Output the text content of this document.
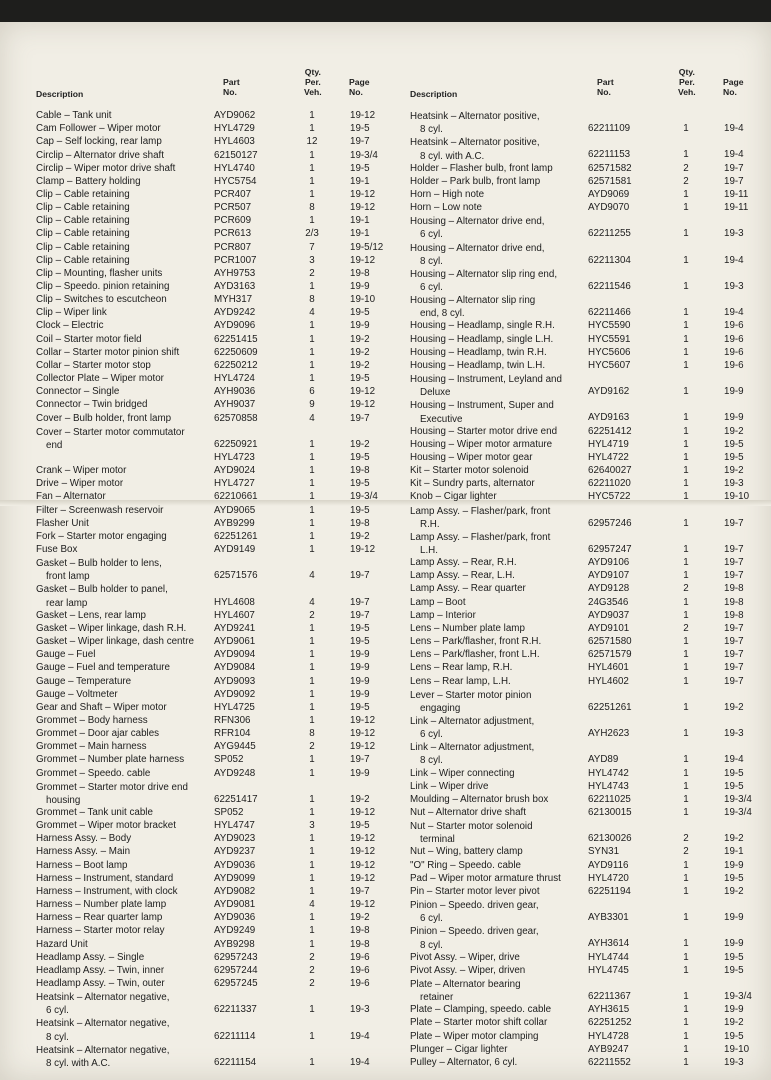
Description
Part
No.
Qty.
Per.
Veh.
Page
No.
Cable – Tank unit	AYD9062	1	19-12
Cam Follower – Wiper motor	HYL4729	1	19-5
Cap – Self locking, rear lamp	HYL4603	12	19-7
Circlip – Alternator drive shaft	62150127	1	19-3/4
Circlip – Wiper motor drive shaft	HYL4740	1	19-5
Clamp – Battery holding	HYC5754	1	19-1
Clip – Cable retaining	PCR407	1	19-12
Clip – Cable retaining	PCR507	8	19-12
Clip – Cable retaining	PCR609	1	19-1
Clip – Cable retaining	PCR613	2/3	19-1
Clip – Cable retaining	PCR807	7	19-5/12
Clip – Cable retaining	PCR1007	3	19-12
Clip – Mounting, flasher units	AYH9753	2	19-8
Clip – Speedo. pinion retaining	AYD3163	1	19-9
Clip – Switches to escutcheon	MYH317	8	19-10
Clip – Wiper link	AYD9242	4	19-5
Clock – Electric	AYD9096	1	19-9
Coil – Starter motor field	62251415	1	19-2
Collar – Starter motor pinion shift	62250609	1	19-2
Collar – Starter motor stop	62250212	1	19-2
Collector Plate – Wiper motor	HYL4724	1	19-5
Connector – Single	AYH9036	6	19-12
Connector – Twin bridged	AYH9037	9	19-12
Cover – Bulb holder, front lamp	62570858	4	19-7
Cover – Starter motor commutator
end	62250921	1	19-2
HYL4723	1	19-5
Crank – Wiper motor	AYD9024	1	19-8
Drive – Wiper motor	HYL4727	1	19-5
Fan – Alternator	62210661	1	19-3/4
Filter – Screenwash reservoir	AYD9065	1	19-5
Flasher Unit	AYB9299	1	19-8
Fork – Starter motor engaging	62251261	1	19-2
Fuse Box	AYD9149	1	19-12
Gasket – Bulb holder to lens,
front lamp	62571576	4	19-7
Gasket – Bulb holder to panel,
rear lamp	HYL4608	4	19-7
Gasket – Lens, rear lamp	HYL4607	2	19-7
Gasket – Wiper linkage, dash R.H.	AYD9241	1	19-5
Gasket – Wiper linkage, dash centre AYD9061	1	19-5
Gauge – Fuel	AYD9094	1	19-9
Gauge – Fuel and temperature	AYD9084	1	19-9
Gauge – Temperature	AYD9093	1	19-9
Gauge – Voltmeter	AYD9092	1	19-9
Gear and Shaft – Wiper motor	HYL4725	1	19-5
Grommet – Body harness	RFN306	1	19-12
Grommet – Door ajar cables	RFR104	8	19-12
Grommet – Main harness	AYG9445	2	19-12
Grommet – Number plate harness	SP052	1	19-7
Grommet – Speedo. cable	AYD9248	1	19-9
Grommet – Starter motor drive end
housing	62251417	1	19-2
Grommet – Tank unit cable	SP052	1	19-12
Grommet – Wiper motor bracket	HYL4747	3	19-5
Harness Assy. – Body	AYD9023	1	19-12
Harness Assy. – Main	AYD9237	1	19-12
Harness – Boot lamp	AYD9036	1	19-12
Harness – Instrument, standard	AYD9099	1	19-12
Harness – Instrument, with clock	AYD9082	1	19-7
Harness – Number plate lamp	AYD9081	4	19-12
Harness – Rear quarter lamp	AYD9036	1	19-2
Harness – Starter motor relay	AYD9249	1	19-8
Hazard Unit	AYB9298	1	19-8
Headlamp Assy. – Single	62957243	2	19-6
Headlamp Assy. – Twin, inner	62957244	2	19-6
Headlamp Assy. – Twin, outer	62957245	2	19-6
Heatsink – Alternator negative,
6 cyl.	62211337	1	19-3
Heatsink – Alternator negative,
8 cyl.	62211114	1	19-4
Heatsink – Alternator negative,
8 cyl. with A.C.	62211154	1	19-4
Description
Part
No.
Qty.
Per.
Veh.
Page
No.
Heatsink – Alternator positive,
8 cyl.	62211109	1	19-4
Heatsink – Alternator positive,
8 cyl. with A.C.	62211153	1	19-4
Holder – Flasher bulb, front lamp	62571582	2	19-7
Holder – Park bulb, front lamp	62571581	2	19-7
Horn – High note	AYD9069	1	19-11
Horn – Low note	AYD9070	1	19-11
Housing – Alternator drive end,
6 cyl.	62211255	1	19-3
Housing – Alternator drive end,
8 cyl.	62211304	1	19-4
Housing – Alternator slip ring end,
6 cyl.	62211546	1	19-3
Housing – Alternator slip ring
end, 8 cyl.	62211466	1	19-4
Housing – Headlamp, single R.H.	HYC5590	1	19-6
Housing – Headlamp, single L.H.	HYC5591	1	19-6
Housing – Headlamp, twin R.H.	HYC5606	1	19-6
Housing – Headlamp, twin L.H.	HYC5607	1	19-6
Housing – Instrument, Leyland and
Deluxe	AYD9162	1	19-9
Housing – Instrument, Super and
Executive	AYD9163	1	19-9
Housing – Starter motor drive end	62251412	1	19-2
Housing – Wiper motor armature	HYL4719	1	19-5
Housing – Wiper motor gear	HYL4722	1	19-5
Kit – Starter motor solenoid	62640027	1	19-2
Kit – Sundry parts, alternator	62211020	1	19-3
Knob – Cigar lighter	HYC5722	1	19-10
Lamp Assy. – Flasher/park, front
R.H.	62957246	1	19-7
Lamp Assy. – Flasher/park, front
L.H.	62957247	1	19-7
Lamp Assy. – Rear, R.H.	AYD9106	1	19-7
Lamp Assy. – Rear, L.H.	AYD9107	1	19-7
Lamp Assy. – Rear quarter	AYD9128	2	19-8
Lamp – Boot	24G3546	1	19-8
Lamp – Interior	AYD9037	1	19-8
Lens – Number plate lamp	AYD9101	2	19-7
Lens – Park/flasher, front R.H.	62571580	1	19-7
Lens – Park/flasher, front L.H.	62571579	1	19-7
Lens – Rear lamp, R.H.	HYL4601	1	19-7
Lens – Rear lamp, L.H.	HYL4602	1	19-7
Lever – Starter motor pinion
engaging	62251261	1	19-2
Link – Alternator adjustment,
6 cyl.	AYH2623	1	19-3
Link – Alternator adjustment,
8 cyl.	AYD89	1	19-4
Link – Wiper connecting	HYL4742	1	19-5
Link – Wiper drive	HYL4743	1	19-5
Moulding – Alternator brush box	62211025	1	19-3/4
Nut – Alternator drive shaft	62130015	1	19-3/4
Nut – Starter motor solenoid
terminal	62130026	2	19-2
Nut – Wing, battery clamp	SYN31	2	19-1
"O" Ring – Speedo. cable	AYD9116	1	19-9
Pad – Wiper motor armature thrust	HYL4720	1	19-5
Pin – Starter motor lever pivot	62251194	1	19-2
Pinion – Speedo. driven gear,
6 cyl.	AYB3301	1	19-9
Pinion – Speedo. driven gear,
8 cyl.	AYH3614	1	19-9
Pivot Assy. – Wiper, drive	HYL4744	1	19-5
Pivot Assy. – Wiper, driven	HYL4745	1	19-5
Plate – Alternator bearing
retainer	62211367	1	19-3/4
Plate – Clamping, speedo. cable	AYH3615	1	19-9
Plate – Starter motor shift collar	62251252	1	19-2
Plate – Wiper motor clamping	HYL4728	1	19-5
Plunger – Cigar lighter	AYB9247	1	19-10
Pulley – Alternator, 6 cyl.	62211552	1	19-3
